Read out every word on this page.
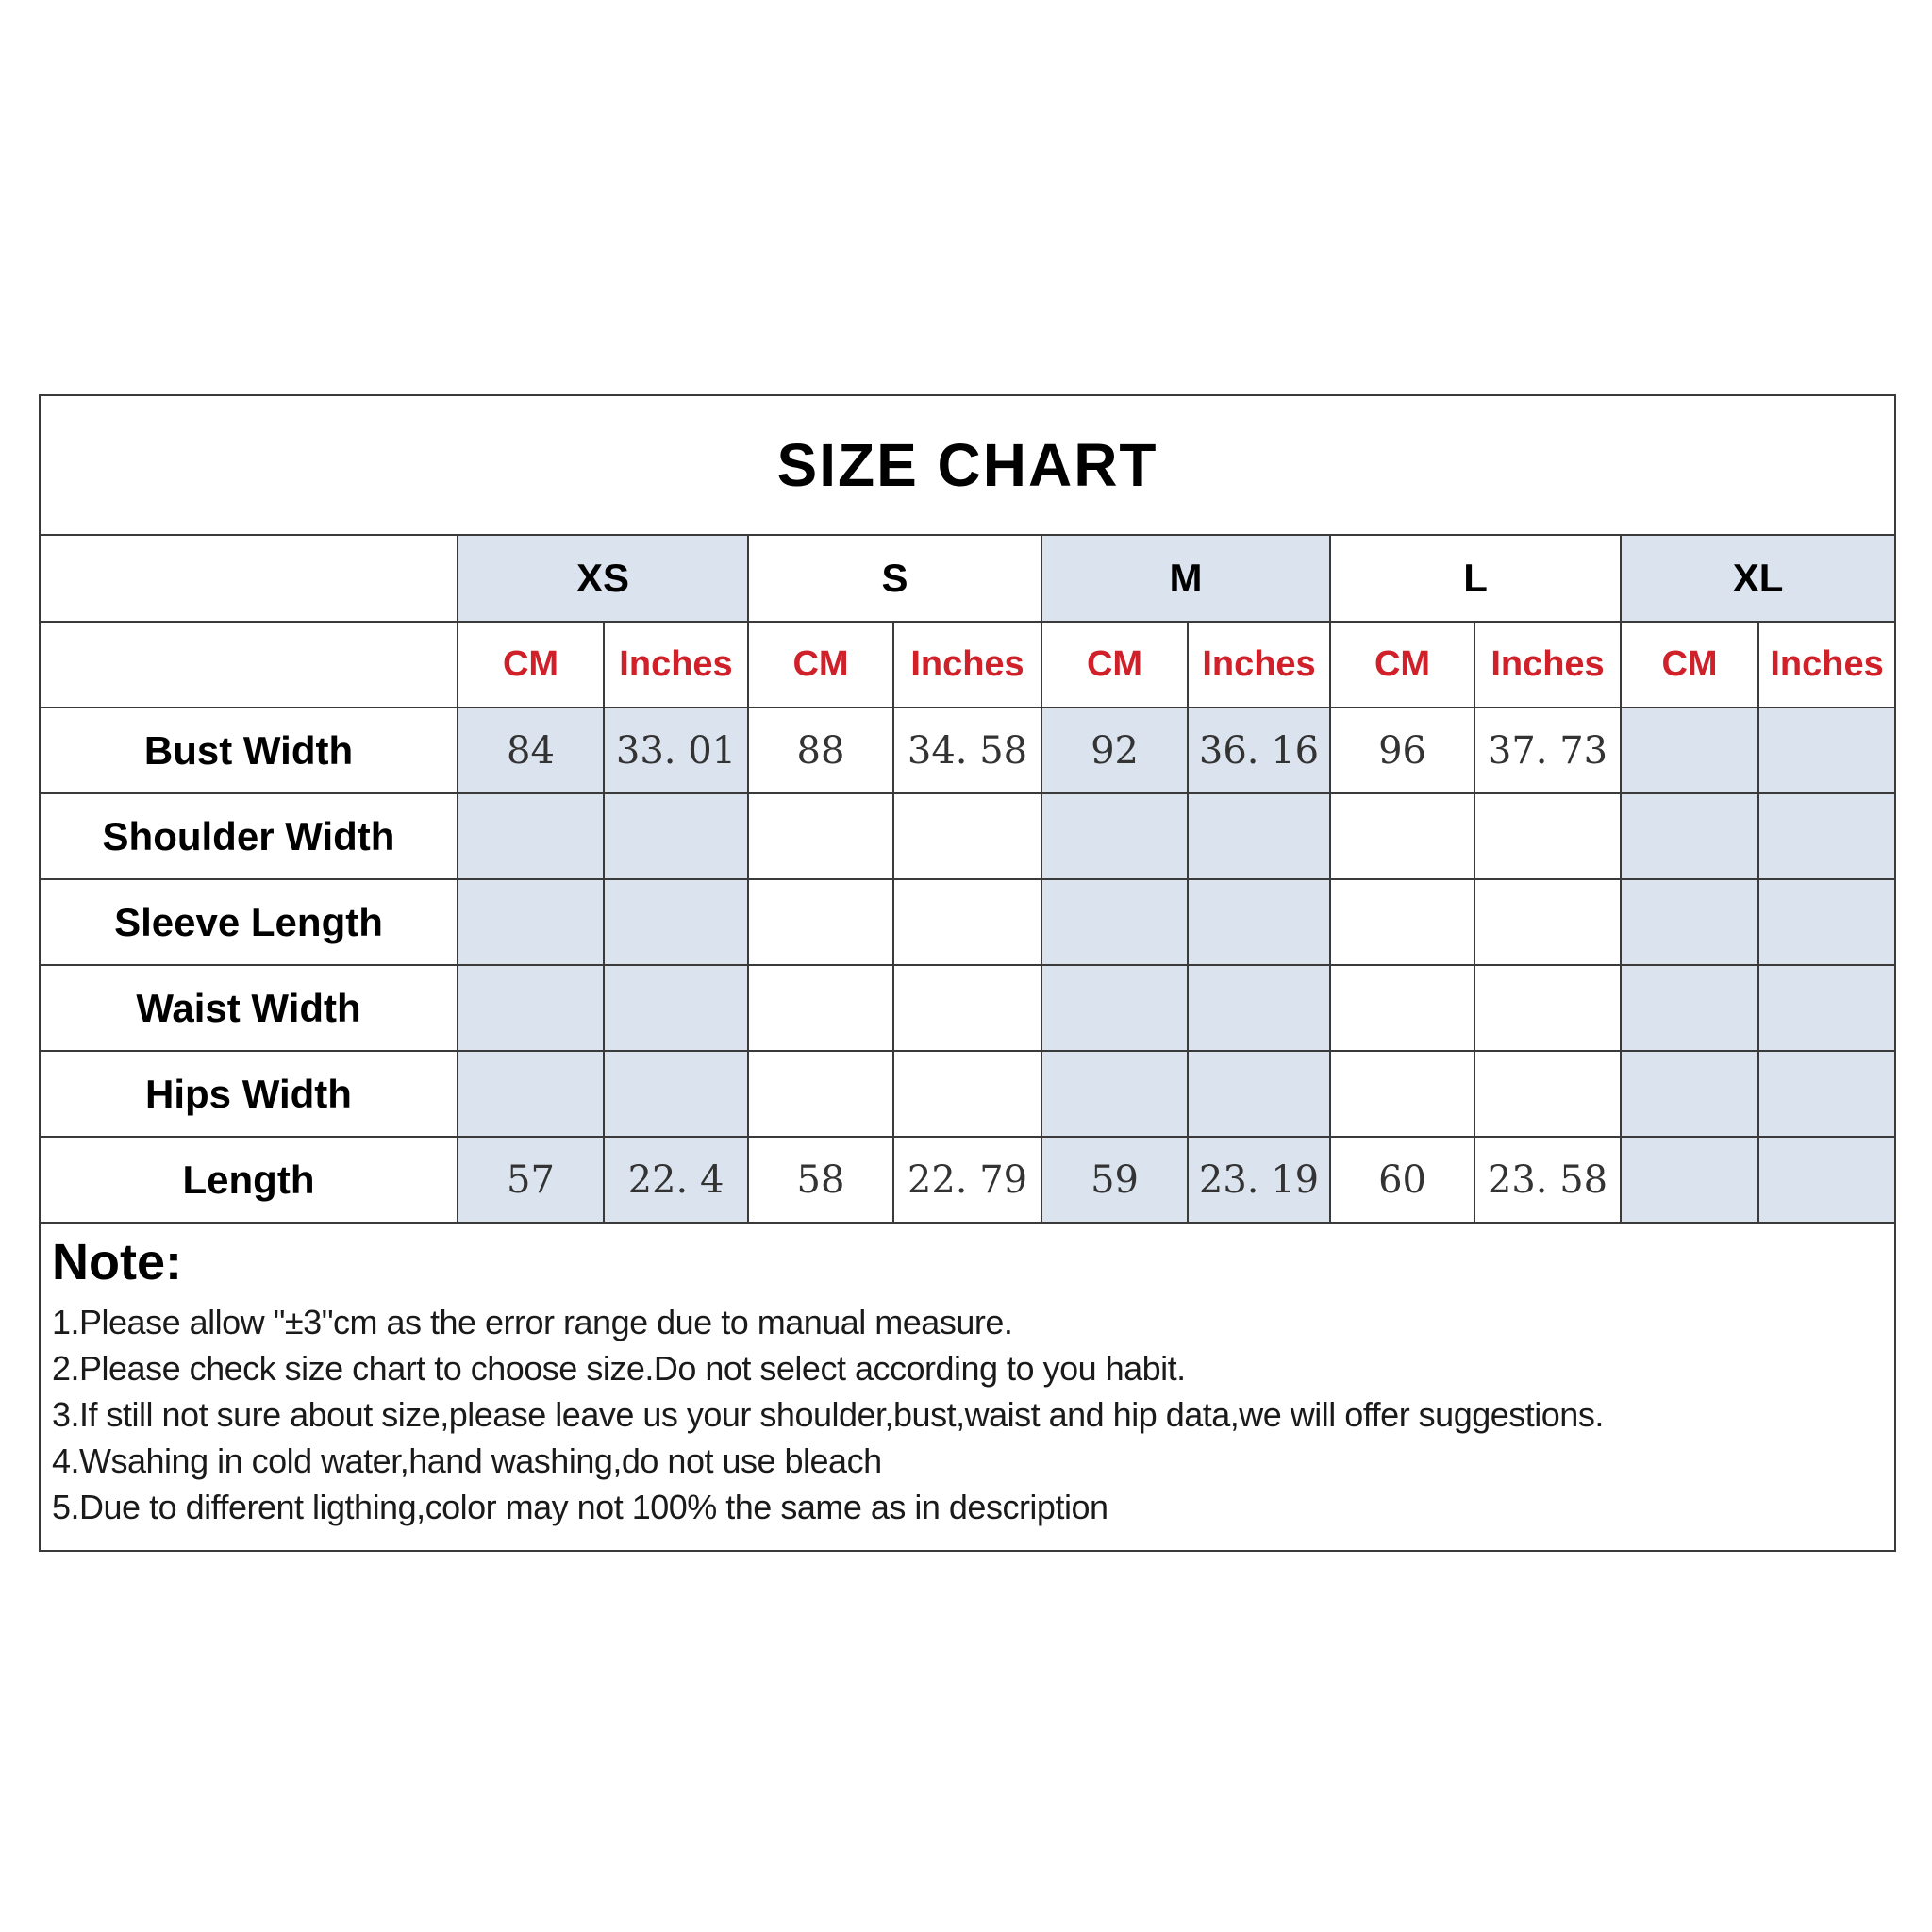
SIZE CHART
	XS		S		M		L		XL	
	CM	Inches	CM	Inches	CM	Inches	CM	Inches	CM	Inches
Bust Width	84	33. 01	88	34. 58	92	36. 16	96	37. 73		
Shoulder Width										
Sleeve Length										
Waist Width										
Hips Width										
Length	57	22. 4	58	22. 79	59	23. 19	60	23. 58		
Note:
1.Please allow "±3"cm as the error range due to manual measure.
2.Please check size chart to choose size.Do not select according to you habit.
3.If still not sure about size,please leave us your shoulder,bust,waist and hip data,we will offer suggestions.
4.Wsahing in cold water,hand washing,do not use bleach
5.Due to different ligthing,color may not 100% the same as in description
